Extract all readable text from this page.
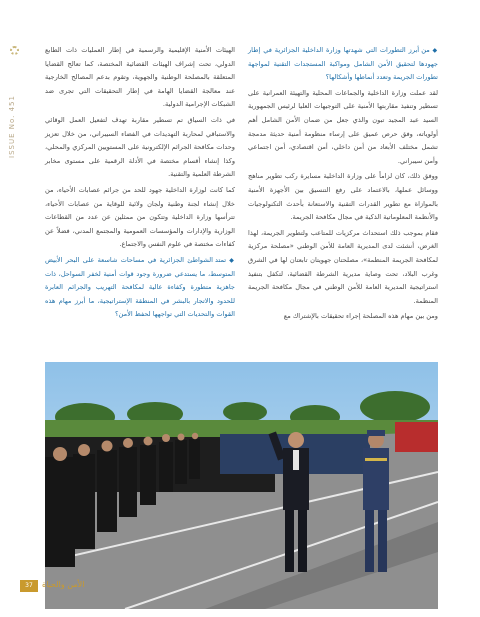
ISSUE No. 451

◆ من أبرز التطورات التي شهدتها وزارة الداخلية الجزائرية في إطار جهودها لتحقيق الأمن الشامل ومواكبة المستجدات التقنية لمواجهة تطورات الجريمة وتعدد أنماطها وأشكالها؟

لقد عملت وزارة الداخلية والجماعات المحلية والتهيئة العمرانية على تسطير وتنفيذ مقاربتها الأمنية على التوجيهات العليا لرئيس الجمهورية السيد عبد المجيد تبون والذي جعل من ضمان الأمن الشامل أهم أولوياته، وفق حرص عميق على إرساء منظومة أمنية حديثة مدمجة تشمل مختلف الأبعاد من أمن داخلي، أمن اقتصادي، أمن اجتماعي وأمن سيبراني.

ووفق ذلك، كان لزاماً على وزارة الداخلية مسايرة ركب تطوير مناهج ووسائل عملها، بالاعتماد على رفع التنسيق بين الأجهزة الأمنية بالموازاة مع تطوير القدرات التقنية والاستعانة بأحدث التكنولوجيات والأنظمة المعلوماتية الذكية في مجال مكافحة الجريمة.

فقام بموجب ذلك استحداث مركزيات للمتاعب ولتطوير الجريمة، لهذا الغرض، أنشئت لدى المديرية العامة للأمن الوطني «مصلحة مركزية لمكافحة الجريمة المنظمة»، مصلحتان جهويتان تابعتان لها في الشرق وغرب البلاد، تحت وصاية مديرية الشرطة القضائية، لتكفل بتنفيذ استراتيجية المديرية العامة للأمن الوطني في مجال مكافحة الجريمة المنظمة.

ومن بين مهام هذه المصلحة إجراء تحقيقات بالإشتراك مع

الهيئات الأمنية الإقليمية والرسمية في إطار العمليات ذات الطابع الدولي، تحت إشراف الهيئات القضائية المختصة، كما تعالج القضايا المتعلقة بالمصلحة الوطنية والجهوية، وتقوم بدعم المصالح الخارجية عند معالجة القضايا الهامة في إطار التحقيقات التي تجرى ضد الشبكات الإجرامية الدولية.

في ذات السياق تم تسطير مقاربة تهدف لتفعيل العمل الوقائي والاستباقي لمحاربة التهديدات في الفضاء السيبراني، من خلال تعزيز وحدات مكافحة الجرائم الإلكترونية على المستويين المركزي والمحلي، وكذا إنشاء أقسام مختصة في الأدلة الرقمية على مستوى مخابر الشرطة العلمية والتقنية.

كما كانت لوزارة الداخلية جهود للحد من جرائم عصابات الأحياء، من خلال إنشاء لجنة وطنية ولجان ولائية للوقاية من عصابات الأحياء، تترأسها وزارة الداخلية وتتكون من ممثلين عن عدد من القطاعات الوزارية والإدارات والمؤسسات العمومية والمجتمع المدني، فضلاً عن كفاءات مختصة في علوم النفس والاجتماع.

◆ تمتد الشواطئ الجزائرية في مساحات شاسعة على البحر الأبيض المتوسط، ما يستدعي ضرورة وجود قوات أمنية لخفر السواحل، ذات جاهزية متطورة وكفاءة عالية لمكافحة التهريب والجرائم العابرة للحدود والاتجار بالبشر في المنطقة الإستراتيجية، ما أبرز مهام هذه القوات والتحديات التي تواجهها لحفظ الأمن؟

37	الأمن والحياة
